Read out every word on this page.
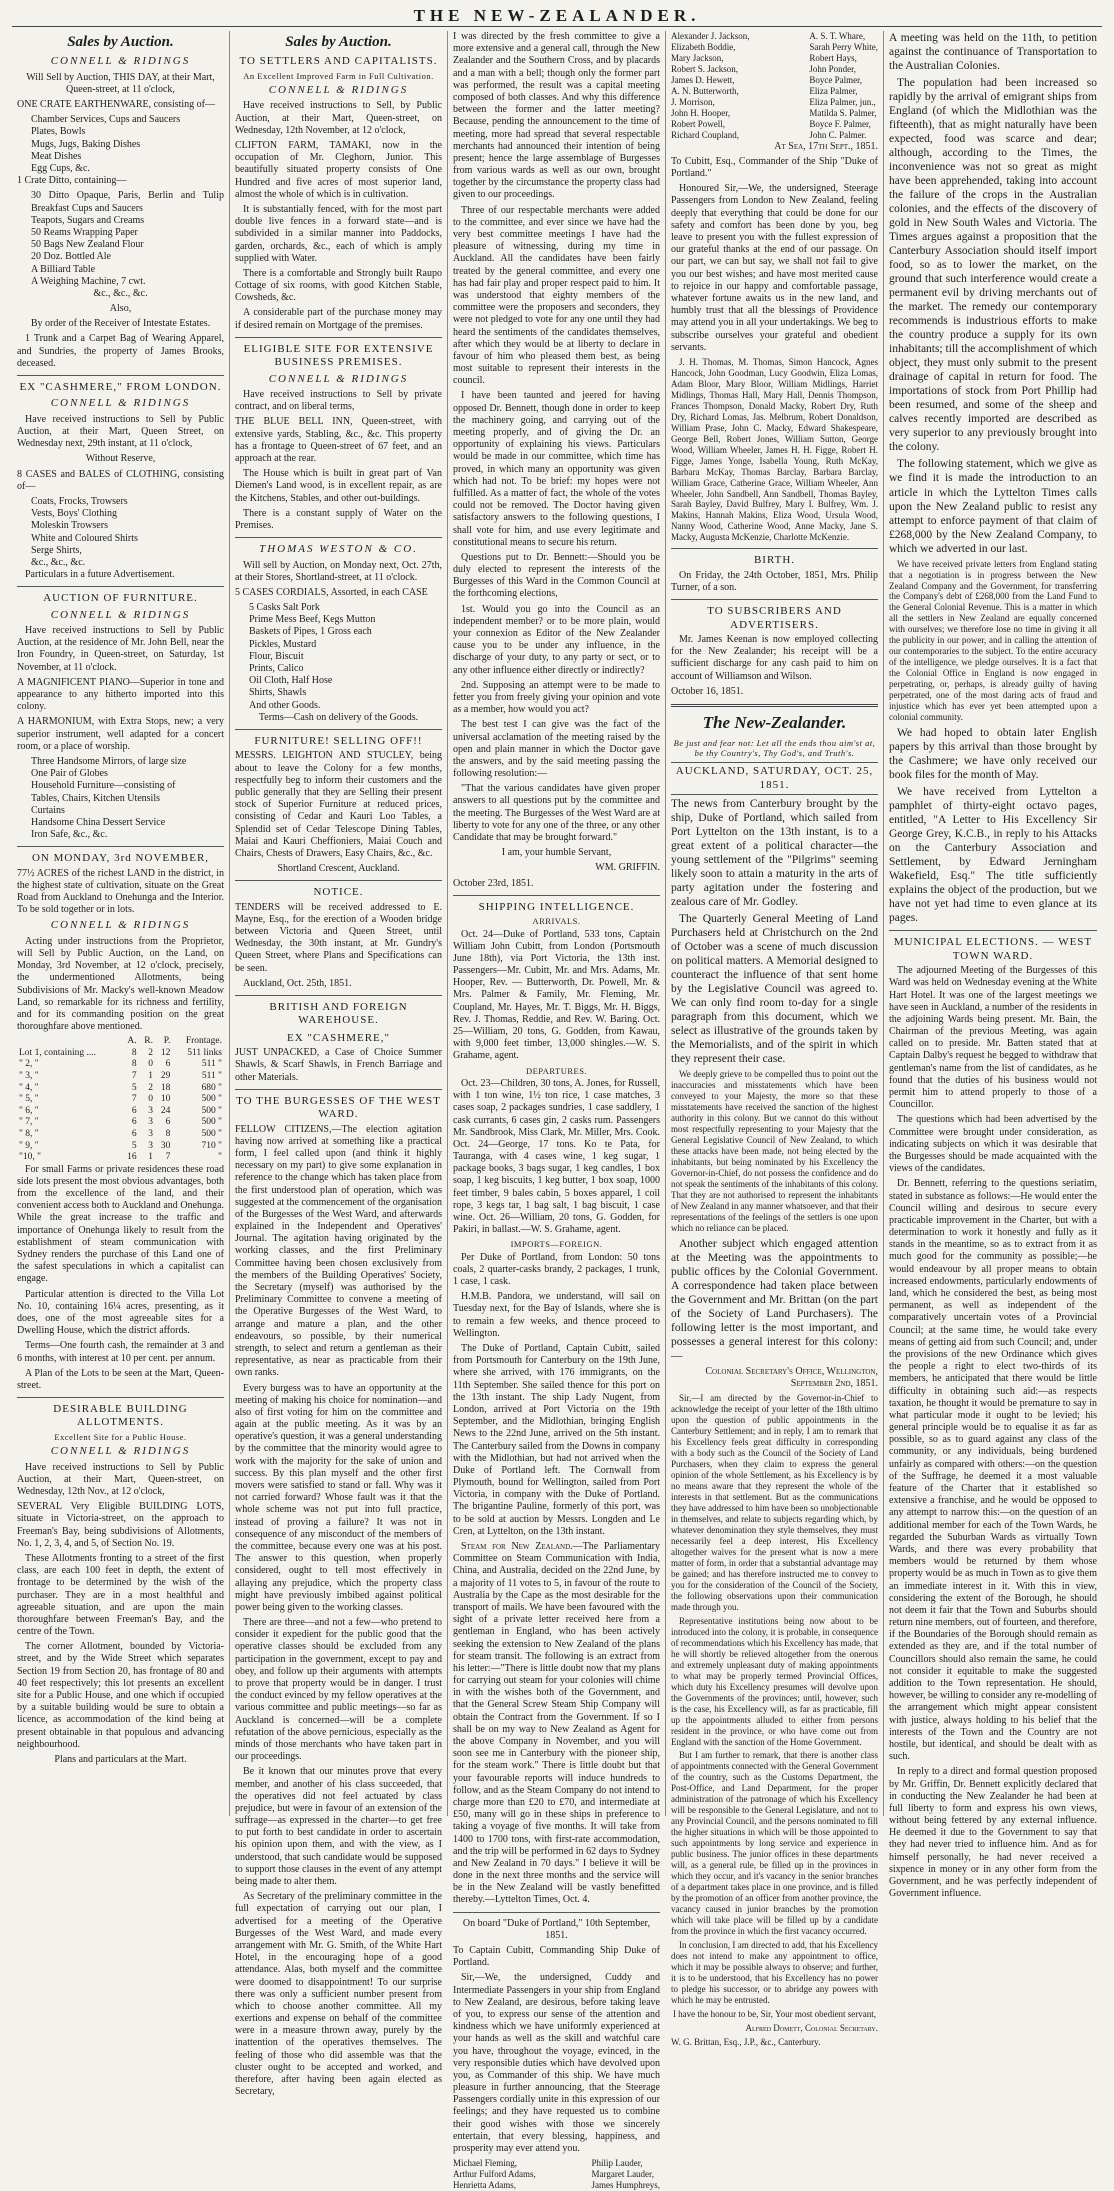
THE NEW-ZEALANDER.
Sales by Auction.
CONNELL & RIDINGS

Will Sell by Auction, THIS DAY, at their Mart, Queen-street, at 11 o'clock,

ONE CRATE EARTHENWARE, consisting of—

Chamber Services, Cups and Saucers

Plates, Bowls

Mugs, Jugs, Baking Dishes

Meat Dishes

Egg Cups, &c.

1 Crate Ditto, containing—

30 Ditto Opaque, Paris, Berlin and Tulip Breakfast Cups and Saucers

Teapots, Sugars and Creams

50 Reams Wrapping Paper

50 Bags New Zealand Flour

20 Doz. Bottled Ale

A Billiard Table

A Weighing Machine, 7 cwt.

&c., &c., &c.

Also,

By order of the Receiver of Intestate Estates.

1 Trunk and a Carpet Bag of Wearing Apparel, and Sundries, the property of James Brooks, deceased.

EX "CASHMERE," FROM LONDON.
CONNELL & RIDINGS

Have received instructions to Sell by Public Auction, at their Mart, Queen Street, on Wednesday next, 29th instant, at 11 o'clock,

Without Reserve,

8 CASES and BALES of CLOTHING, consisting of—

Coats, Frocks, Trowsers

Vests, Boys' Clothing

Moleskin Trowsers

White and Coloured Shirts

Serge Shirts,

&c., &c., &c.

Particulars in a future Advertisement.

AUCTION OF FURNITURE.
CONNELL & RIDINGS

Have received instructions to Sell by Public Auction, at the residence of Mr. John Bell, near the Iron Foundry, in Queen-street, on Saturday, 1st November, at 11 o'clock.

A MAGNIFICENT PIANO—Superior in tone and appearance to any hitherto imported into this colony.

A HARMONIUM, with Extra Stops, new; a very superior instrument, well adapted for a concert room, or a place of worship.

Three Handsome Mirrors, of large size

One Pair of Globes

Household Furniture—consisting of

Tables, Chairs, Kitchen Utensils

Curtains

Handsome China Dessert Service

Iron Safe, &c., &c.

ON MONDAY, 3rd NOVEMBER,

77½ ACRES of the richest LAND in the district, in the highest state of cultivation, situate on the Great Road from Auckland to Onehunga and the Interior. To be sold together or in lots.

CONNELL & RIDINGS

Acting under instructions from the Proprietor, will Sell by Public Auction, on the Land, on Monday, 3rd November, at 12 o'clock, precisely, the undermentioned Allotments, being Subdivisions of Mr. Macky's well-known Meadow Land, so remarkable for its richness and fertility, and for its commanding position on the great thoroughfare above mentioned.

	A.	R.	P.	Frontage.
Lot 1, containing ....	8	2	12	511 links
" 2, "	8	0	6	511 "
" 3, "	7	1	29	511 "
" 4, "	5	2	18	680 "
" 5, "	7	0	10	500 "
" 6, "	6	3	24	500 "
" 7, "	6	3	6	500 "
" 8, "	6	3	8	500 "
" 9, "	5	3	30	710 "
"10, "	16	1	7	"

For small Farms or private residences these road side lots present the most obvious advantages, both from the excellence of the land, and their convenient access both to Auckland and Onehunga. While the great increase to the traffic and importance of Onehunga likely to result from the establishment of steam communication with Sydney renders the purchase of this Land one of the safest speculations in which a capitalist can engage.

Particular attention is directed to the Villa Lot No. 10, containing 16¼ acres, presenting, as it does, one of the most agreeable sites for a Dwelling House, which the district affords.

Terms—One fourth cash, the remainder at 3 and 6 months, with interest at 10 per cent. per annum.

A Plan of the Lots to be seen at the Mart, Queen-street.

DESIRABLE BUILDING ALLOTMENTS.
Excellent Site for a Public House.
CONNELL & RIDINGS

Have received instructions to Sell by Public Auction, at their Mart, Queen-street, on Wednesday, 12th Nov., at 12 o'clock,

SEVERAL Very Eligible BUILDING LOTS, situate in Victoria-street, on the approach to Freeman's Bay, being subdivisions of Allotments, No. 1, 2, 3, 4, and 5, of Section No. 19.

These Allotments fronting to a street of the first class, are each 100 feet in depth, the extent of frontage to be determined by the wish of the purchaser. They are in a most healthful and agreeable situation, and are upon the main thoroughfare between Freeman's Bay, and the centre of the Town.

The corner Allotment, bounded by Victoria-street, and by the Wide Street which separates Section 19 from Section 20, has frontage of 80 and 40 feet respectively; this lot presents an excellent site for a Public House, and one which if occupied by a suitable building would be sure to obtain a licence, as accommodation of the kind being at present obtainable in that populous and advancing neighbourhood.

Plans and particulars at the Mart.

Sales by Auction.
TO SETTLERS AND CAPITALISTS.
An Excellent Improved Farm in Full Cultivation.
CONNELL & RIDINGS

Have received instructions to Sell, by Public Auction, at their Mart, Queen-street, on Wednesday, 12th November, at 12 o'clock,

CLIFTON FARM, TAMAKI, now in the occupation of Mr. Cleghorn, Junior. This beautifully situated property consists of One Hundred and five acres of most superior land, almost the whole of which is in cultivation.

It is substantially fenced, with for the most part double live fences in a forward state—and is subdivided in a similar manner into Paddocks, garden, orchards, &c., each of which is amply supplied with Water.

There is a comfortable and Strongly built Raupo Cottage of six rooms, with good Kitchen Stable, Cowsheds, &c.

A considerable part of the purchase money may if desired remain on Mortgage of the premises.

ELIGIBLE SITE FOR EXTENSIVE BUSINESS PREMISES.
CONNELL & RIDINGS

Have received instructions to Sell by private contract, and on liberal terms,

THE BLUE BELL INN, Queen-street, with extensive yards, Stabling, &c., &c. This property has a frontage to Queen-street of 67 feet, and an approach at the rear.

The House which is built in great part of Van Diemen's Land wood, is in excellent repair, as are the Kitchens, Stables, and other out-buildings.

There is a constant supply of Water on the Premises.

THOMAS WESTON & CO.

Will sell by Auction, on Monday next, Oct. 27th, at their Stores, Shortland-street, at 11 o'clock.

5 CASES CORDIALS, Assorted, in each CASE

5 Casks Salt Pork

Prime Mess Beef, Kegs Mutton

Baskets of Pipes, 1 Gross each

Pickles, Mustard

Flour, Biscuit

Prints, Calico

Oil Cloth, Half Hose

Shirts, Shawls

And other Goods.

Terms—Cash on delivery of the Goods.

FURNITURE! SELLING OFF!!

MESSRS. LEIGHTON AND STUCLEY, being about to leave the Colony for a few months, respectfully beg to inform their customers and the public generally that they are Selling their present stock of Superior Furniture at reduced prices, consisting of Cedar and Kauri Loo Tables, a Splendid set of Cedar Telescope Dining Tables, Maiai and Kauri Cheffioniers, Maiai Couch and Chairs, Chests of Drawers, Easy Chairs, &c., &c.

Shortland Crescent, Auckland.

NOTICE.

TENDERS will be received addressed to E. Mayne, Esq., for the erection of a Wooden bridge between Victoria and Queen Street, until Wednesday, the 30th instant, at Mr. Gundry's Queen Street, where Plans and Specifications can be seen.

Auckland, Oct. 25th, 1851.

BRITISH AND FOREIGN WAREHOUSE.
EX "CASHMERE,"

JUST UNPACKED, a Case of Choice Summer Shawls, & Scarf Shawls, in French Barriage and other Materials.

TO THE BURGESSES OF THE WEST WARD.

FELLOW CITIZENS,—The election agitation having now arrived at something like a practical form, I feel called upon (and think it highly necessary on my part) to give some explanation in reference to the change which has taken place from the first understood plan of operation, which was suggested at the commencement of the organisation of the Burgesses of the West Ward, and afterwards explained in the Independent and Operatives' Journal. The agitation having originated by the working classes, and the first Preliminary Committee having been chosen exclusively from the members of the Building Operatives' Society, the Secretary (myself) was authorised by the Preliminary Committee to convene a meeting of the Operative Burgesses of the West Ward, to arrange and mature a plan, and the other endeavours, so possible, by their numerical strength, to select and return a gentleman as their representative, as near as practicable from their own ranks.

Every burgess was to have an opportunity at the meeting of making his choice for nomination—and also of first voting for him on the committee and again at the public meeting. As it was by an operative's question, it was a general understanding by the committee that the minority would agree to work with the majority for the sake of union and success. By this plan myself and the other first movers were satisfied to stand or fall. Why was it not carried forward? Whose fault was it that the whole scheme was not put into full practice, instead of proving a failure? It was not in consequence of any misconduct of the members of the committee, because every one was at his post. The answer to this question, when properly considered, ought to tell most effectively in allaying any prejudice, which the property class might have previously imbibed against political power being given to the working classes.

There are three—and not a few—who pretend to consider it expedient for the public good that the operative classes should be excluded from any participation in the government, except to pay and obey, and follow up their arguments with attempts to prove that property would be in danger. I trust the conduct evinced by my fellow operatives at the various committee and public meetings—so far as Auckland is concerned—will be a complete refutation of the above pernicious, especially as the minds of those merchants who have taken part in our proceedings.

Be it known that our minutes prove that every member, and another of his class succeeded, that the operatives did not feel actuated by class prejudice, but were in favour of an extension of the suffrage—as expressed in the charter—to get free to put forth to best candidate in order to ascertain his opinion upon them, and with the view, as I understood, that such candidate would be supposed to support those clauses in the event of any attempt being made to alter them.

As Secretary of the preliminary committee in the full expectation of carrying out our plan, I advertised for a meeting of the Operative Burgesses of the West Ward, and made every arrangement with Mr. G. Smith, of the White Hart Hotel, in the encouraging hope of a good attendance. Alas, both myself and the committee were doomed to disappointment! To our surprise there was only a sufficient number present from which to choose another committee. All my exertions and expense on behalf of the committee were in a measure thrown away, purely by the inattention of the operatives themselves. The feeling of those who did assemble was that the cluster ought to be accepted and worked, and therefore, after having been again elected as Secretary,

I was directed by the fresh committee to give a more extensive and a general call, through the New Zealander and the Southern Cross, and by placards and a man with a bell; though only the former part was performed, the result was a capital meeting composed of both classes. And why this difference between the former and the latter meeting? Because, pending the announcement to the time of meeting, more had spread that several respectable merchants had announced their intention of being present; hence the large assemblage of Burgesses from various wards as well as our own, brought together by the circumstance the property class had given to our proceedings.

Three of our respectable merchants were added to the committee, and ever since we have had the very best committee meetings I have had the pleasure of witnessing, during my time in Auckland. All the candidates have been fairly treated by the general committee, and every one has had fair play and proper respect paid to him. It was understood that eighty members of the committee were the proposers and seconders, they were not pledged to vote for any one until they had heard the sentiments of the candidates themselves, after which they would be at liberty to declare in favour of him who pleased them best, as being most suitable to represent their interests in the council.

I have been taunted and jeered for having opposed Dr. Bennett, though done in order to keep the machinery going, and carrying out of the meeting properly, and of giving the Dr. an opportunity of explaining his views. Particulars would be made in our committee, which time has proved, in which many an opportunity was given which had not. To be brief: my hopes were not fulfilled. As a matter of fact, the whole of the votes could not be removed. The Doctor having given satisfactory answers to the following questions, I shall vote for him, and use every legitimate and constitutional means to secure his return.

Questions put to Dr. Bennett:—Should you be duly elected to represent the interests of the Burgesses of this Ward in the Common Council at the forthcoming elections,

1st. Would you go into the Council as an independent member? or to be more plain, would your connexion as Editor of the New Zealander cause you to be under any influence, in the discharge of your duty, to any party or sect, or to any other influence either directly or indirectly?

2nd. Supposing an attempt were to be made to fetter you from freely giving your opinion and vote as a member, how would you act?

The best test I can give was the fact of the universal acclamation of the meeting raised by the open and plain manner in which the Doctor gave the answers, and by the said meeting passing the following resolution:—

"That the various candidates have given proper answers to all questions put by the committee and the meeting. The Burgesses of the West Ward are at liberty to vote for any one of the three, or any other Candidate that may be brought forward."

I am, your humble Servant,

WM. GRIFFIN.

October 23rd, 1851.

SHIPPING INTELLIGENCE.
ARRIVALS.

Oct. 24—Duke of Portland, 533 tons, Captain William John Cubitt, from London (Portsmouth June 18th), via Port Victoria, the 13th inst. Passengers—Mr. Cubitt, Mr. and Mrs. Adams, Mr. Hooper, Rev. — Butterworth, Dr. Powell, Mr. & Mrs. Palmer & Family, Mr. Fleming, Mr. Coupland, Mr. Hayes, Mr. T. Biggs, Mr. H. Biggs, Rev. J. Thomas, Reddie, and Rev. W. Baring. Oct. 25—William, 20 tons, G. Godden, from Kawau, with 9,000 feet timber, 13,000 shingles.—W. S. Grahame, agent.

DEPARTURES.

Oct. 23—Children, 30 tons, A. Jones, for Russell, with 1 ton wine, 1½ ton rice, 1 case matches, 3 cases soap, 2 packages sundries, 1 case saddlery, 1 cask currants, 6 cases gin, 2 casks rum. Passengers Mr. Sandbrook, Miss Clark, Mr. Miller, Mrs. Cook. Oct. 24—George, 17 tons. Ko te Pata, for Tauranga, with 4 cases wine, 1 keg sugar, 1 package books, 3 bags sugar, 1 keg candles, 1 box soap, 1 keg biscuits, 1 keg butter, 1 box soap, 1000 feet timber, 9 bales cabin, 5 boxes apparel, 1 coil rope, 3 kegs tar, 1 bag salt, 1 bag biscuit, 1 case wine. Oct. 26—William, 20 tons, G. Godden, for Pakiri, in ballast.—W. S. Grahame, agent.

IMPORTS—FOREIGN.

Per Duke of Portland, from London: 50 tons coals, 2 quarter-casks brandy, 2 packages, 1 trunk, 1 case, 1 cask.

H.M.B. Pandora, we understand, will sail on Tuesday next, for the Bay of Islands, where she is to remain a few weeks, and thence proceed to Wellington.

The Duke of Portland, Captain Cubitt, sailed from Portsmouth for Canterbury on the 19th June, where she arrived, with 176 immigrants, on the 11th September. She sailed thence for this port on the 13th instant. The ship Lady Nugent, from London, arrived at Port Victoria on the 19th September, and the Midlothian, bringing English News to the 22nd June, arrived on the 5th instant. The Canterbury sailed from the Downs in company with the Midlothian, but had not arrived when the Duke of Portland left. The Cornwall from Plymouth, bound for Wellington, sailed from Port Victoria, in company with the Duke of Portland. The brigantine Pauline, formerly of this port, was to be sold at auction by Messrs. Longden and Le Cren, at Lyttelton, on the 13th instant.

Steam for New Zealand.—The Parliamentary Committee on Steam Communication with India, China, and Australia, decided on the 22nd June, by a majority of 11 votes to 5, in favour of the route to Australia by the Cape as the most desirable for the transport of mails. We have been favoured with the sight of a private letter received here from a gentleman in England, who has been actively seeking the extension to New Zealand of the plans for steam transit. The following is an extract from his letter:—"There is little doubt now that my plans for carrying out steam for your colonies will chime in with the wishes both of the Government, and that the General Screw Steam Ship Company will obtain the Contract from the Government. If so I shall be on my way to New Zealand as Agent for the above Company in November, and you will soon see me in Canterbury with the pioneer ship, for the steam work." There is little doubt but that your favourable reports will induce hundreds to follow, and as the Steam Company do not intend to charge more than £20 to £70, and intermediate at £50, many will go in these ships in preference to taking a voyage of five months. It will take from 1400 to 1700 tons, with first-rate accommodation, and the trip will be performed in 62 days to Sydney and New Zealand in 70 days." I believe it will be done in the next three months and the service will be in the New Zealand will be vastly benefitted thereby.—Lyttelton Times, Oct. 4.

On board "Duke of Portland," 10th September, 1851.

To Captain Cubitt, Commanding Ship Duke of Portland.

Sir,—We, the undersigned, Cuddy and Intermediate Passengers in your ship from England to New Zealand, are desirous, before taking leave of you, to express our sense of the attention and kindness which we have uniformly experienced at your hands as well as the skill and watchful care you have, throughout the voyage, evinced, in the very responsible duties which have devolved upon you, as Commander of this ship. We have much pleasure in further announcing, that the Steerage Passengers cordially unite in this expression of our feelings; and they have requested us to combine their good wishes with those we sincerely entertain, that every blessing, happiness, and prosperity may ever attend you.

Michael Fleming,
Arthur Fulford Adams,
Henrietta Adams,
Philip Lauder,
Margaret Lauder,
James Humphreys,
Alexander J. Jackson,
Elizabeth Boddie,
Mary Jackson,
Robert S. Jackson,
James D. Hewett,
A. N. Butterworth,
J. Morrison,
John H. Hooper,
Robert Powell,
Richard Coupland,
A. S. T. Whare,
Sarah Perry White,
Robert Hays,
John Ponder,
Boyce Palmer,
Eliza Palmer,
Eliza Palmer, jun.,
Matilda S. Palmer,
Boyce F. Palmer,
John C. Palmer.

At Sea, 17th Sept., 1851.

To Cubitt, Esq., Commander of the Ship "Duke of Portland."

Honoured Sir,—We, the undersigned, Steerage Passengers from London to New Zealand, feeling deeply that everything that could be done for our safety and comfort has been done by you, beg leave to present you with the fullest expression of our grateful thanks at the end of our passage. On our part, we can but say, we shall not fail to give you our best wishes; and have most merited cause to rejoice in our happy and comfortable passage, whatever fortune awaits us in the new land, and humbly trust that all the blessings of Providence may attend you in all your undertakings. We beg to subscribe ourselves your grateful and obedient servants.

J. H. Thomas, M. Thomas, Simon Hancock, Agnes Hancock, John Goodman, Lucy Goodwin, Eliza Lomas, Adam Bloor, Mary Bloor, William Midlings, Harriet Midlings, Thomas Hall, Mary Hall, Dennis Thompson, Frances Thompson, Donald Macky, Robert Dry, Ruth Dry, Richard Lomas, Jas. Melbrum, Robert Donaldson, William Prase, John C. Macky, Edward Shakespeare, George Bell, Robert Jones, William Sutton, George Wood, William Wheeler, James H. H. Figge, Robert H. Figge, James Yonge, Isabella Young, Ruth McKay, Barbara McKay, Thomas Barclay, Barbara Barclay, William Grace, Catherine Grace, William Wheeler, Ann Wheeler, John Sandbell, Ann Sandbell, Thomas Bayley, Sarah Bayley, David Bulfrey, Mary I. Bulfrey, Wm. J. Makins, Hannah Makins, Eliza Wood, Ursula Wood, Nanny Wood, Catherine Wood, Anne Macky, Jane S. Macky, Augusta McKenzie, Charlotte McKenzie.

BIRTH.

On Friday, the 24th October, 1851, Mrs. Philip Turner, of a son.

TO SUBSCRIBERS AND ADVERTISERS.

Mr. James Keenan is now employed collecting for the New Zealander; his receipt will be a sufficient discharge for any cash paid to him on account of Williamson and Wilson.

October 16, 1851.

The New-Zealander.
Be just and fear not: Let all the ends thou aim'st at, be thy Country's, Thy God's, and Truth's.
AUCKLAND, SATURDAY, OCT. 25, 1851.

The news from Canterbury brought by the ship, Duke of Portland, which sailed from Port Lyttelton on the 13th instant, is to a great extent of a political character—the young settlement of the "Pilgrims" seeming likely soon to attain a maturity in the arts of party agitation under the fostering and zealous care of Mr. Godley.

The Quarterly General Meeting of Land Purchasers held at Christchurch on the 2nd of October was a scene of much discussion on political matters. A Memorial designed to counteract the influence of that sent home by the Legislative Council was agreed to. We can only find room to-day for a single paragraph from this document, which we select as illustrative of the grounds taken by the Memorialists, and of the spirit in which they represent their case.

We deeply grieve to be compelled thus to point out the inaccuracies and misstatements which have been conveyed to your Majesty, the more so that these misstatements have received the sanction of the highest authority in this colony. But we cannot do this without most respectfully representing to your Majesty that the General Legislative Council of New Zealand, to which these attacks have been made, not being elected by the inhabitants, but being nominated by his Excellency the Governor-in-Chief, do not possess the confidence and do not speak the sentiments of the inhabitants of this colony. That they are not authorised to represent the inhabitants of New Zealand in any manner whatsoever, and that their representations of the feelings of the settlers is one upon which no reliance can be placed.

Another subject which engaged attention at the Meeting was the appointments to public offices by the Colonial Government. A correspondence had taken place between the Government and Mr. Brittan (on the part of the Society of Land Purchasers). The following letter is the most important, and possesses a general interest for this colony:—

Colonial Secretary's Office, Wellington, September 2nd, 1851.

Sir,—I am directed by the Governor-in-Chief to acknowledge the receipt of your letter of the 18th ultimo upon the question of public appointments in the Canterbury Settlement; and in reply, I am to remark that his Excellency feels great difficulty in corresponding with a body such as the Council of the Society of Land Purchasers, when they claim to express the general opinion of the whole Settlement, as his Excellency is by no means aware that they represent the whole of the interests in that settlement. But as the communications they have addressed to him have been so unobjectionable in themselves, and relate to subjects regarding which, by whatever denomination they style themselves, they must necessarily feel a deep interest, His Excellency altogether waives for the present what is now a mere matter of form, in order that a substantial advantage may be gained; and has therefore instructed me to convey to you for the consideration of the Council of the Society, the following observations upon their communication made through you.

Representative institutions being now about to be introduced into the colony, it is probable, in consequence of recommendations which his Excellency has made, that he will shortly be relieved altogether from the onerous and extremely unpleasant duty of making appointments to what may be properly termed Provincial Offices, which duty his Excellency presumes will devolve upon the Governments of the provinces; until, however, such is the case, his Excellency will, as far as practicable, fill up the appointments alluded to either from persons resident in the province, or who have come out from England with the sanction of the Home Government.

But I am further to remark, that there is another class of appointments connected with the General Government of the country, such as the Customs Department, the Post-Office, and Land Department, for the proper administration of the patronage of which his Excellency will be responsible to the General Legislature, and not to any Provincial Council, and the persons nominated to fill the higher situations in which will be those appointed to such appointments by long service and experience in public business. The junior offices in these departments will, as a general rule, be filled up in the provinces in which they occur, and it's vacancy in the senior branches of a department takes place in one province, and is filled by the promotion of an officer from another province, the vacancy caused in junior branches by the promotion which will take place will be filled up by a candidate from the province in which the first vacancy occurred.

In conclusion, I am directed to add, that his Excellency does not intend to make any appointment to office, which it may be possible always to observe; and further, it is to be understood, that his Excellency has no power to pledge his successor, or to abridge any powers with which he may be entrusted.

I have the honour to be, Sir, Your most obedient servant,

Alfred Domett, Colonial Secretary.

W. G. Brittan, Esq., J.P., &c., Canterbury.

A meeting was held on the 11th, to petition against the continuance of Transportation to the Australian Colonies.

The population had been increased so rapidly by the arrival of emigrant ships from England (of which the Midlothian was the fifteenth), that as might naturally have been expected, food was scarce and dear; although, according to the Times, the inconvenience was not so great as might have been apprehended, taking into account the failure of the crops in the Australian colonies, and the effects of the discovery of gold in New South Wales and Victoria. The Times argues against a proposition that the Canterbury Association should itself import food, so as to lower the market, on the ground that such interference would create a permanent evil by driving merchants out of the market. The remedy our contemporary recommends is industrious efforts to make the country produce a supply for its own inhabitants; till the accomplishment of which object, they must only submit to the present drainage of capital in return for food. The importations of stock from Port Phillip had been resumed, and some of the sheep and calves recently imported are described as very superior to any previously brought into the colony.

The following statement, which we give as we find it is made the introduction to an article in which the Lyttelton Times calls upon the New Zealand public to resist any attempt to enforce payment of that claim of £268,000 by the New Zealand Company, to which we adverted in our last.

We have received private letters from England stating that a negotiation is in progress between the New Zealand Company and the Government, for transferring the Company's debt of £268,000 from the Land Fund to the General Colonial Revenue. This is a matter in which all the settlers in New Zealand are equally concerned with ourselves; we therefore lose no time in giving it all the publicity in our power, and in calling the attention of our contemporaries to the subject. To the entire accuracy of the intelligence, we pledge ourselves. It is a fact that the Colonial Office in England is now engaged in perpetrating, or, perhaps, is already guilty of having perpetrated, one of the most daring acts of fraud and injustice which has ever yet been attempted upon a colonial community.

We had hoped to obtain later English papers by this arrival than those brought by the Cashmere; we have only received our book files for the month of May.

We have received from Lyttelton a pamphlet of thirty-eight octavo pages, entitled, "A Letter to His Excellency Sir George Grey, K.C.B., in reply to his Attacks on the Canterbury Association and Settlement, by Edward Jerningham Wakefield, Esq." The title sufficiently explains the object of the production, but we have not yet had time to even glance at its pages.

MUNICIPAL ELECTIONS. — WEST TOWN WARD.

The adjourned Meeting of the Burgesses of this Ward was held on Wednesday evening at the White Hart Hotel. It was one of the largest meetings we have seen in Auckland, a number of the residents in the adjoining Wards being present. Mr. Bain, the Chairman of the previous Meeting, was again called on to preside. Mr. Batten stated that at Captain Dalby's request he begged to withdraw that gentleman's name from the list of candidates, as he found that the duties of his business would not permit him to attend properly to those of a Councillor.

The questions which had been advertised by the Committee were brought under consideration, as indicating subjects on which it was desirable that the Burgesses should be made acquainted with the views of the candidates.

Dr. Bennett, referring to the questions seriatim, stated in substance as follows:—He would enter the Council willing and desirous to secure every practicable improvement in the Charter, but with a determination to work it honestly and fully as it stands in the meantime, so as to extract from it as much good for the community as possible;—he would endeavour by all proper means to obtain increased endowments, particularly endowments of land, which he considered the best, as being most permanent, as well as independent of the comparatively uncertain votes of a Provincial Council; at the same time, he would take every means of getting aid from such Council; and, under the provisions of the new Ordinance which gives the people a right to elect two-thirds of its members, he anticipated that there would be little difficulty in obtaining such aid:—as respects taxation, he thought it would be premature to say in what particular mode it ought to be levied; his general principle would be to equalise it as far as possible, so as to guard against any class of the community, or any individuals, being burdened unfairly as compared with others:—on the question of the Suffrage, he deemed it a most valuable feature of the Charter that it established so extensive a franchise, and he would be opposed to any attempt to narrow this:—on the question of an additional member for each of the Town Wards, he regarded the Suburban Wards as virtually Town Wards, and there was every probability that members would be returned by them whose property would be as much in Town as to give them an immediate interest in it. With this in view, considering the extent of the Borough, he should not deem it fair that the Town and Suburbs should return nine members, out of fourteen, and therefore, if the Boundaries of the Borough should remain as extended as they are, and if the total number of Councillors should also remain the same, he could not consider it equitable to make the suggested addition to the Town representation. He should, however, be willing to consider any re-modelling of the arrangement which might appear consistent with justice, always holding to his belief that the interests of the Town and the Country are not hostile, but identical, and should be dealt with as such.

In reply to a direct and formal question proposed by Mr. Griffin, Dr. Bennett explicitly declared that in conducting the New Zealander he had been at full liberty to form and express his own views, without being fettered by any external influence. He deemed it due to the Government to say that they had never tried to influence him. And as for himself personally, he had never received a sixpence in money or in any other form from the Government, and he was perfectly independent of Government influence.
